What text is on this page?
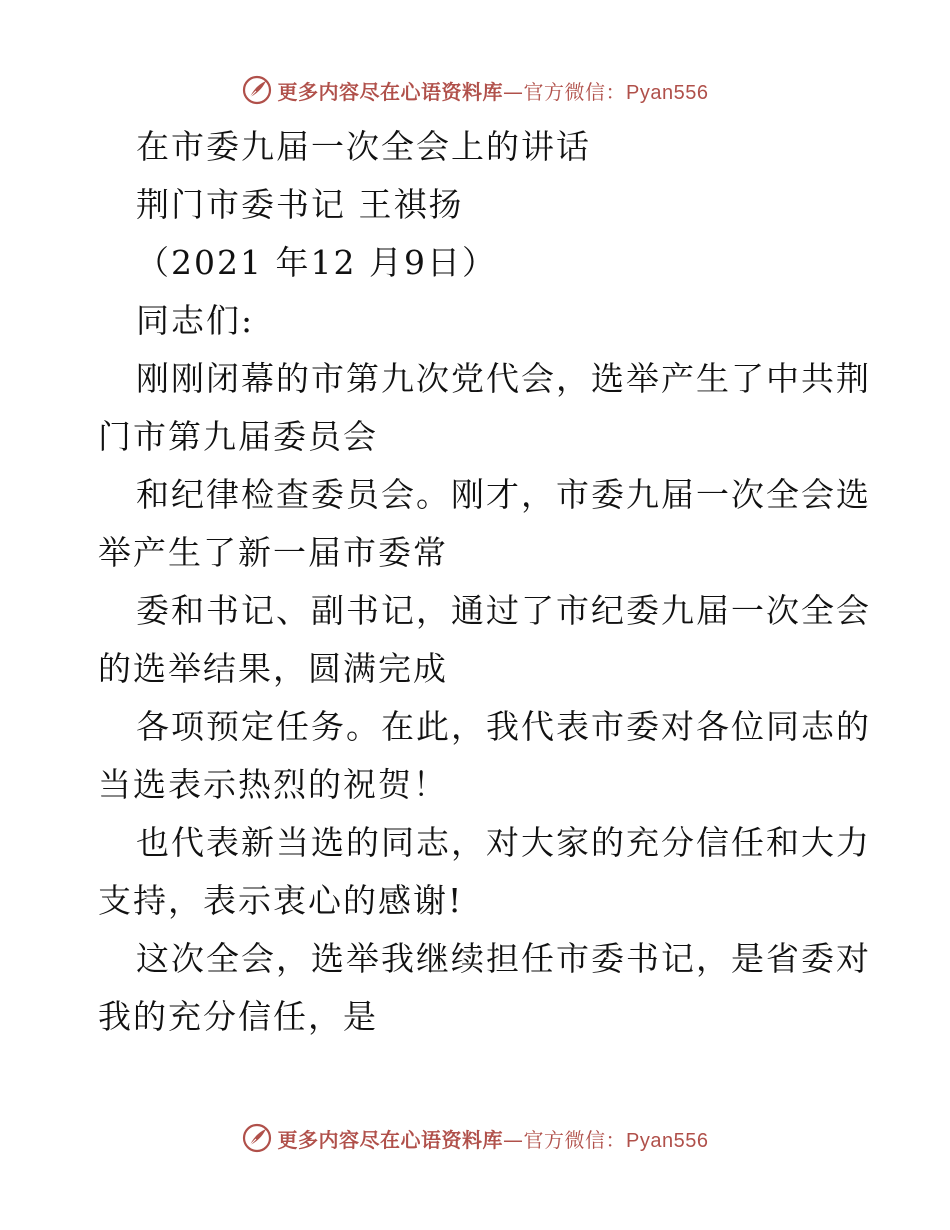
更多内容尽在心语资料库—官方微信：Pyan556
在市委九届一次全会上的讲话
荆门市委书记 王祺扬
（2021 年12 月9日）
同志们:
刚刚闭幕的市第九次党代会，选举产生了中共荆
门市第九届委员会
和纪律检查委员会。刚才，市委九届一次全会选
举产生了新一届市委常
委和书记、副书记，通过了市纪委九届一次全会
的选举结果，圆满完成
各项预定任务。在此，我代表市委对各位同志的
当选表示热烈的祝贺！
也代表新当选的同志，对大家的充分信任和大力
支持，表示衷心的感谢!
这次全会，选举我继续担任市委书记，是省委对
我的充分信任，是
更多内容尽在心语资料库—官方微信：Pyan556
